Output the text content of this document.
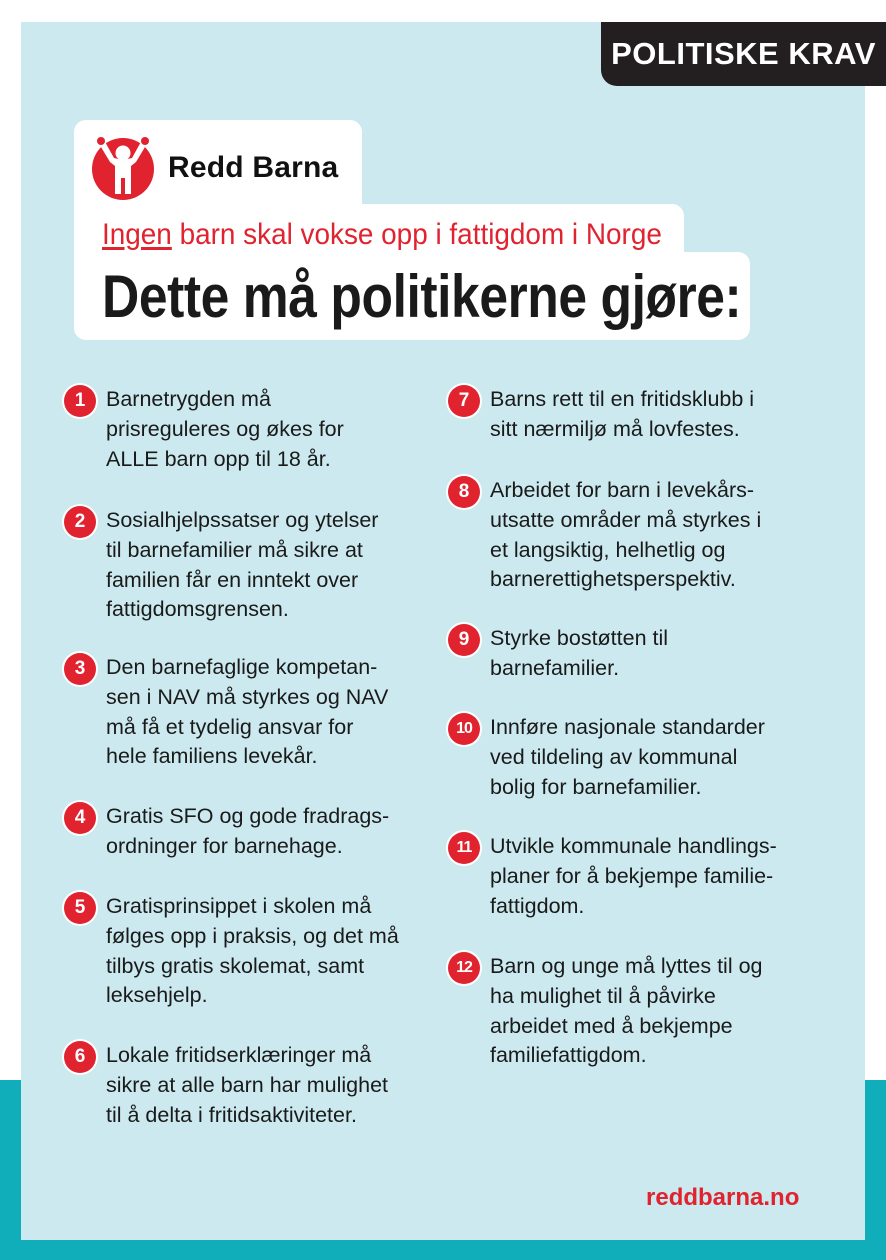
POLITISKE KRAV
Redd Barna
Ingen barn skal vokse opp i fattigdom i Norge
Dette må politikerne gjøre:
1 Barnetrygden må
prisreguleres og økes for
ALLE barn opp til 18 år.
2 Sosialhjelpssatser og ytelser
til barnefamilier må sikre at
familien får en inntekt over
fattigdomsgrensen.
3 Den barnefaglige kompetan-
sen i NAV må styrkes og NAV
må få et tydelig ansvar for
hele familiens levekår.
4 Gratis SFO og gode fradrags-
ordninger for barnehage.
5 Gratisprinsippet i skolen må
følges opp i praksis, og det må
tilbys gratis skolemat, samt
leksehjelp.
6 Lokale fritidserklæringer må
sikre at alle barn har mulighet
til å delta i fritidsaktiviteter.
7 Barns rett til en fritidsklubb i
sitt nærmiljø må lovfestes.
8 Arbeidet for barn i levekårs-
utsatte områder må styrkes i
et langsiktig, helhetlig og
barnerettighetsperspektiv.
9 Styrke bostøtten til
barnefamilier.
10 Innføre nasjonale standarder
ved tildeling av kommunal
bolig for barnefamilier.
11 Utvikle kommunale handlings-
planer for å bekjempe familie-
fattigdom.
12 Barn og unge må lyttes til og
ha mulighet til å påvirke
arbeidet med å bekjempe
familiefattigdom.
reddbarna.no
